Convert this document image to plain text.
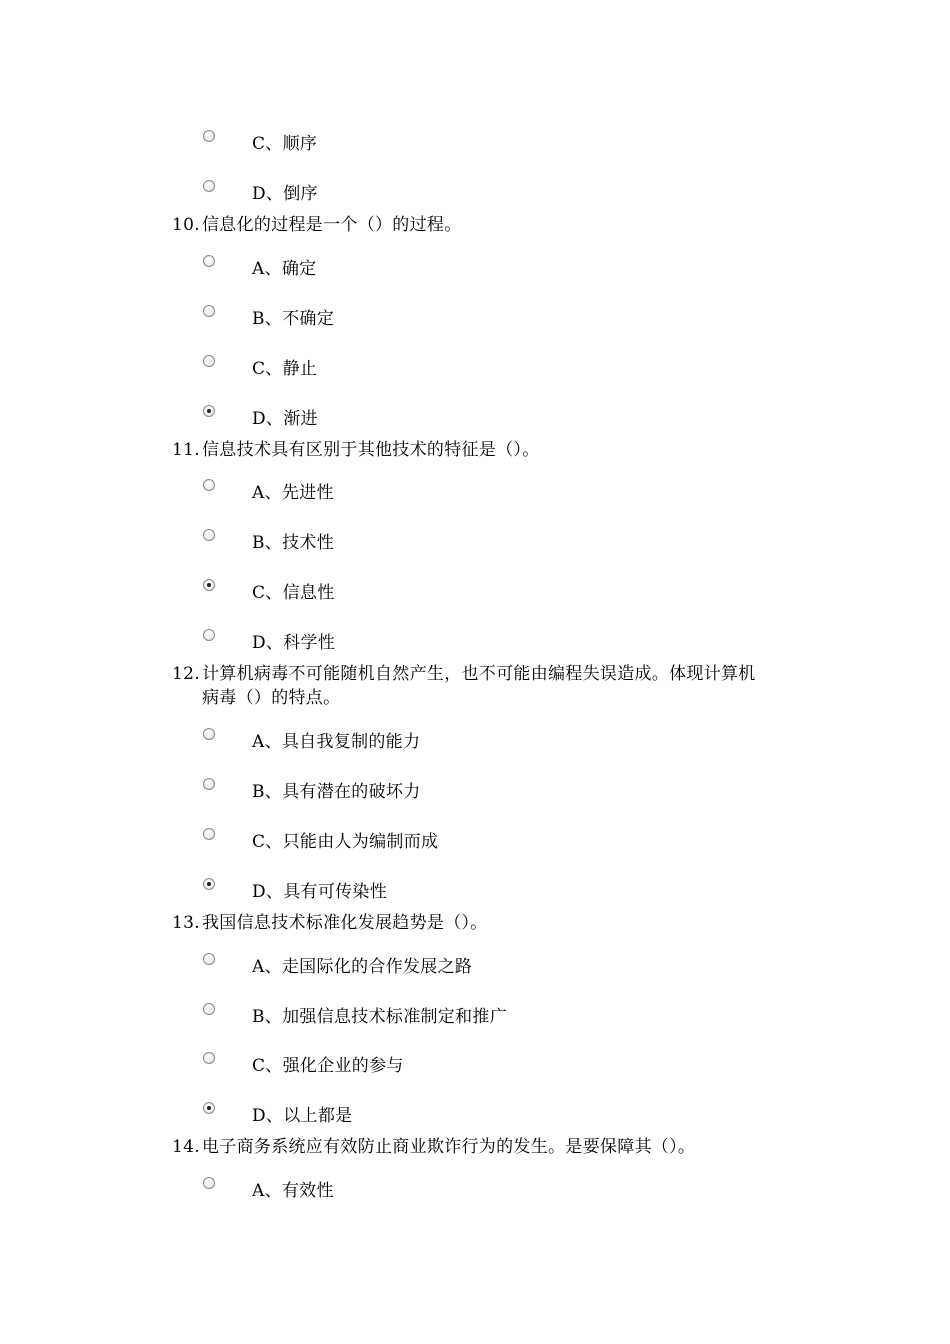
C、顺序
D、倒序
10. 信息化的过程是一个（）的过程。
A、确定
B、不确定
C、静止
D、渐进
11. 信息技术具有区别于其他技术的特征是（）。
A、先进性
B、技术性
C、信息性
D、科学性
12. 计算机病毒不可能随机自然产生，也不可能由编程失误造成。体现计算机
病毒（）的特点。
A、具自我复制的能力
B、具有潜在的破坏力
C、只能由人为编制而成
D、具有可传染性
13. 我国信息技术标准化发展趋势是（）。
A、走国际化的合作发展之路
B、加强信息技术标准制定和推广
C、强化企业的参与
D、以上都是
14. 电子商务系统应有效防止商业欺诈行为的发生。是要保障其（）。
A、有效性
